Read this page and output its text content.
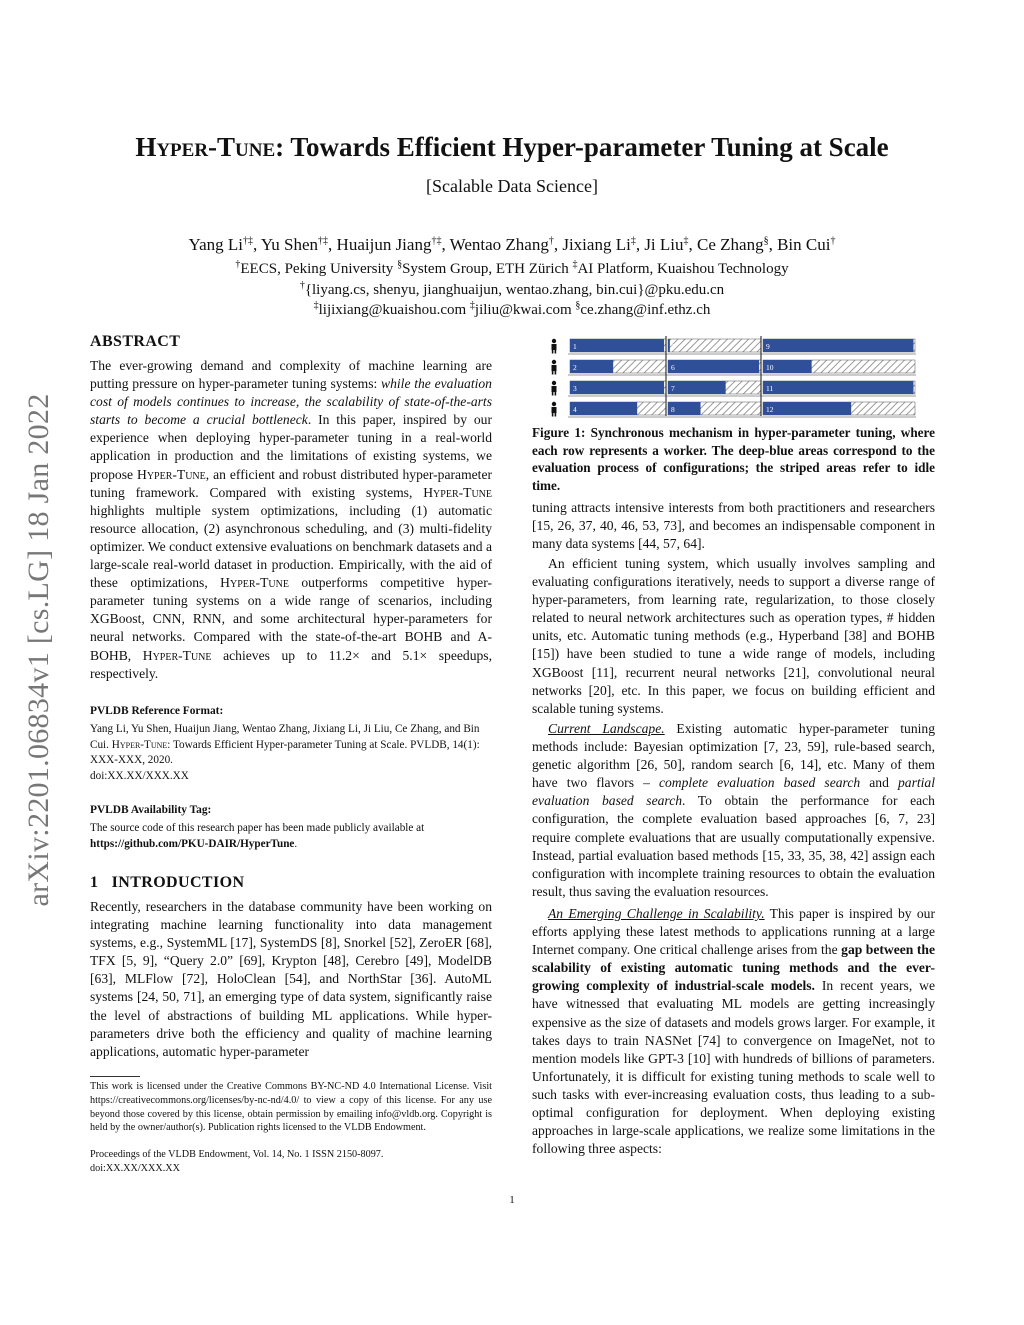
arXiv:2201.06834v1 [cs.LG] 18 Jan 2022
Hyper-Tune: Towards Efficient Hyper-parameter Tuning at Scale
[Scalable Data Science]
Yang Li†‡, Yu Shen†‡, Huaijun Jiang†‡, Wentao Zhang†, Jixiang Li‡, Ji Liu‡, Ce Zhang§, Bin Cui†
†EECS, Peking University §System Group, ETH Zürich ‡AI Platform, Kuaishou Technology
†{liyang.cs, shenyu, jianghuaijun, wentao.zhang, bin.cui}@pku.edu.cn
‡lijixiang@kuaishou.com ‡jiliu@kwai.com §ce.zhang@inf.ethz.ch
ABSTRACT

The ever-growing demand and complexity of machine learning are putting pressure on hyper-parameter tuning systems: while the evaluation cost of models continues to increase, the scalability of state-of-the-arts starts to become a crucial bottleneck. In this paper, inspired by our experience when deploying hyper-parameter tuning in a real-world application in production and the limitations of existing systems, we propose Hyper-Tune, an efficient and robust distributed hyper-parameter tuning framework. Compared with existing systems, Hyper-Tune highlights multiple system optimizations, including (1) automatic resource allocation, (2) asynchronous scheduling, and (3) multi-fidelity optimizer. We conduct extensive evaluations on benchmark datasets and a large-scale real-world dataset in production. Empirically, with the aid of these optimizations, Hyper-Tune outperforms competitive hyper-parameter tuning systems on a wide range of scenarios, including XGBoost, CNN, RNN, and some architectural hyper-parameters for neural networks. Compared with the state-of-the-art BOHB and A-BOHB, Hyper-Tune achieves up to 11.2× and 5.1× speedups, respectively.

PVLDB Reference Format:

Yang Li, Yu Shen, Huaijun Jiang, Wentao Zhang, Jixiang Li, Ji Liu, Ce Zhang, and Bin Cui. Hyper-Tune: Towards Efficient Hyper-parameter Tuning at Scale. PVLDB, 14(1): XXX-XXX, 2020.
doi:XX.XX/XXX.XX

PVLDB Availability Tag:

The source code of this research paper has been made publicly available at https://github.com/PKU-DAIR/HyperTune.

1 INTRODUCTION

Recently, researchers in the database community have been working on integrating machine learning functionality into data management systems, e.g., SystemML [17], SystemDS [8], Snorkel [52], ZeroER [68], TFX [5, 9], “Query 2.0” [69], Krypton [48], Cerebro [49], ModelDB [63], MLFlow [72], HoloClean [54], and NorthStar [36]. AutoML systems [24, 50, 71], an emerging type of data system, significantly raise the level of abstractions of building ML applications. While hyper-parameters drive both the efficiency and quality of machine learning applications, automatic hyper-parameter

This work is licensed under the Creative Commons BY-NC-ND 4.0 International License. Visit https://creativecommons.org/licenses/by-nc-nd/4.0/ to view a copy of this license. For any use beyond those covered by this license, obtain permission by emailing info@vldb.org. Copyright is held by the owner/author(s). Publication rights licensed to the VLDB Endowment.

Proceedings of the VLDB Endowment, Vol. 14, No. 1 ISSN 2150-8097.
doi:XX.XX/XXX.XX

1	5	9
2	6	10
3	7	11
4	8	12

Figure 1: Synchronous mechanism in hyper-parameter tuning, where each row represents a worker. The deep-blue areas correspond to the evaluation process of configurations; the striped areas refer to idle time.

tuning attracts intensive interests from both practitioners and researchers [15, 26, 37, 40, 46, 53, 73], and becomes an indispensable component in many data systems [44, 57, 64].

An efficient tuning system, which usually involves sampling and evaluating configurations iteratively, needs to support a diverse range of hyper-parameters, from learning rate, regularization, to those closely related to neural network architectures such as operation types, # hidden units, etc. Automatic tuning methods (e.g., Hyperband [38] and BOHB [15]) have been studied to tune a wide range of models, including XGBoost [11], recurrent neural networks [21], convolutional neural networks [20], etc. In this paper, we focus on building efficient and scalable tuning systems.

Current Landscape. Existing automatic hyper-parameter tuning methods include: Bayesian optimization [7, 23, 59], rule-based search, genetic algorithm [26, 50], random search [6, 14], etc. Many of them have two flavors – complete evaluation based search and partial evaluation based search. To obtain the performance for each configuration, the complete evaluation based approaches [6, 7, 23] require complete evaluations that are usually computationally expensive. Instead, partial evaluation based methods [15, 33, 35, 38, 42] assign each configuration with incomplete training resources to obtain the evaluation result, thus saving the evaluation resources.

An Emerging Challenge in Scalability. This paper is inspired by our efforts applying these latest methods to applications running at a large Internet company. One critical challenge arises from the gap between the scalability of existing automatic tuning methods and the ever-growing complexity of industrial-scale models. In recent years, we have witnessed that evaluating ML models are getting increasingly expensive as the size of datasets and models grows larger. For example, it takes days to train NASNet [74] to convergence on ImageNet, not to mention models like GPT-3 [10] with hundreds of billions of parameters. Unfortunately, it is difficult for existing tuning methods to scale well to such tasks with ever-increasing evaluation costs, thus leading to a sub-optimal configuration for deployment. When deploying existing approaches in large-scale applications, we realize some limitations in the following three aspects:

1
